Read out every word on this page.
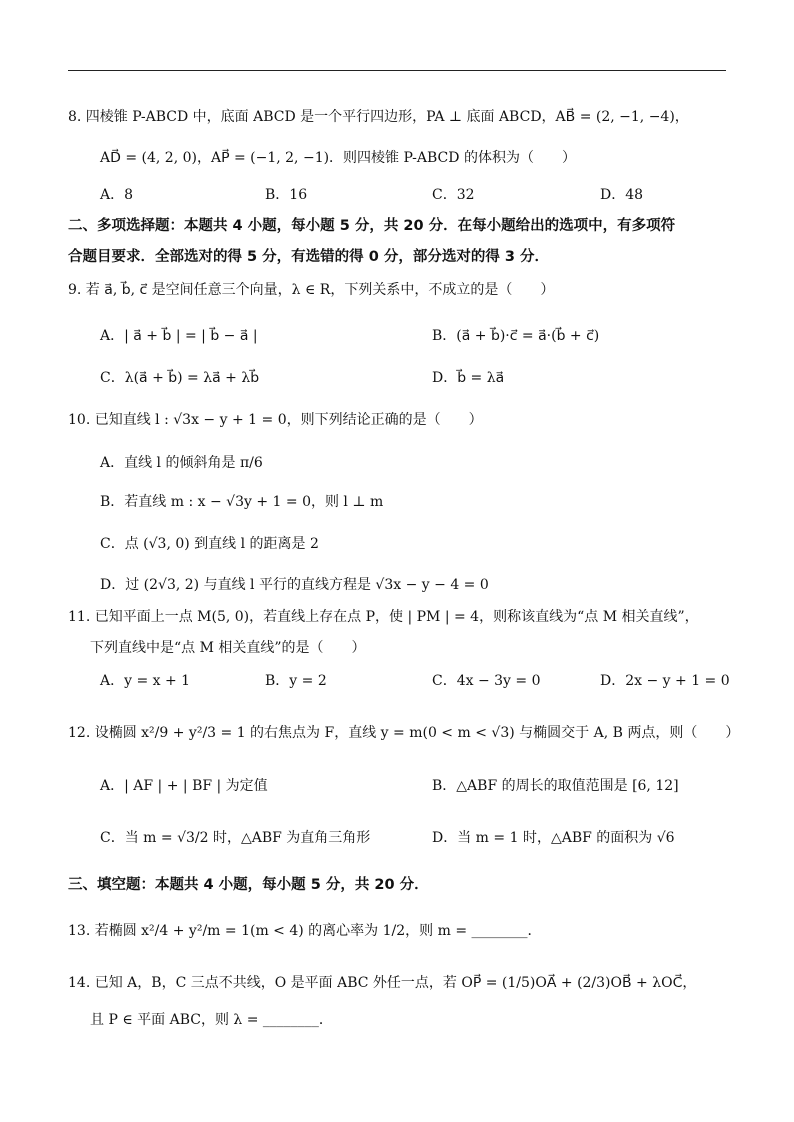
8. 四棱锥 P-ABCD 中，底面 ABCD 是一个平行四边形，PA ⊥ 底面 ABCD，AB⃗ = (2, −1, −4)，
AD⃗ = (4, 2, 0)，AP⃗ = (−1, 2, −1)．则四棱锥 P-ABCD 的体积为（　　）
A．8	B．16	C．32	D．48
二、多项选择题：本题共 4 小题，每小题 5 分，共 20 分．在每小题给出的选项中，有多项符
合题目要求．全部选对的得 5 分，有选错的得 0 分，部分选对的得 3 分．
9. 若 a⃗, b⃗, c⃗ 是空间任意三个向量，λ ∈ R，下列关系中，不成立的是（　　）
A．| a⃗ + b⃗ | = | b⃗ − a⃗ |	B．(a⃗ + b⃗)·c⃗ = a⃗·(b⃗ + c⃗)
C．λ(a⃗ + b⃗) = λa⃗ + λb⃗	D．b⃗ = λa⃗
10. 已知直线 l : √3x − y + 1 = 0，则下列结论正确的是（　　）
A．直线 l 的倾斜角是 π/6
B．若直线 m : x − √3y + 1 = 0，则 l ⊥ m
C．点 (√3, 0) 到直线 l 的距离是 2
D．过 (2√3, 2) 与直线 l 平行的直线方程是 √3x − y − 4 = 0
11. 已知平面上一点 M(5, 0)，若直线上存在点 P，使 | PM | = 4，则称该直线为“点 M 相关直线”，
下列直线中是“点 M 相关直线”的是（　　）
A．y = x + 1	B．y = 2	C．4x − 3y = 0	D．2x − y + 1 = 0
12. 设椭圆 x²/9 + y²/3 = 1 的右焦点为 F，直线 y = m(0 < m < √3) 与椭圆交于 A, B 两点，则（　　）
A．| AF | + | BF | 为定值	B．△ABF 的周长的取值范围是 [6, 12]
C．当 m = √3/2 时，△ABF 为直角三角形	D．当 m = 1 时，△ABF 的面积为 √6
三、填空题：本题共 4 小题，每小题 5 分，共 20 分．
13. 若椭圆 x²/4 + y²/m = 1(m < 4) 的离心率为 1/2，则 m = ________．
14. 已知 A，B，C 三点不共线，O 是平面 ABC 外任一点，若 OP⃗ = (1/5)OA⃗ + (2/3)OB⃗ + λOC⃗，
且 P ∈ 平面 ABC，则 λ = ________．
